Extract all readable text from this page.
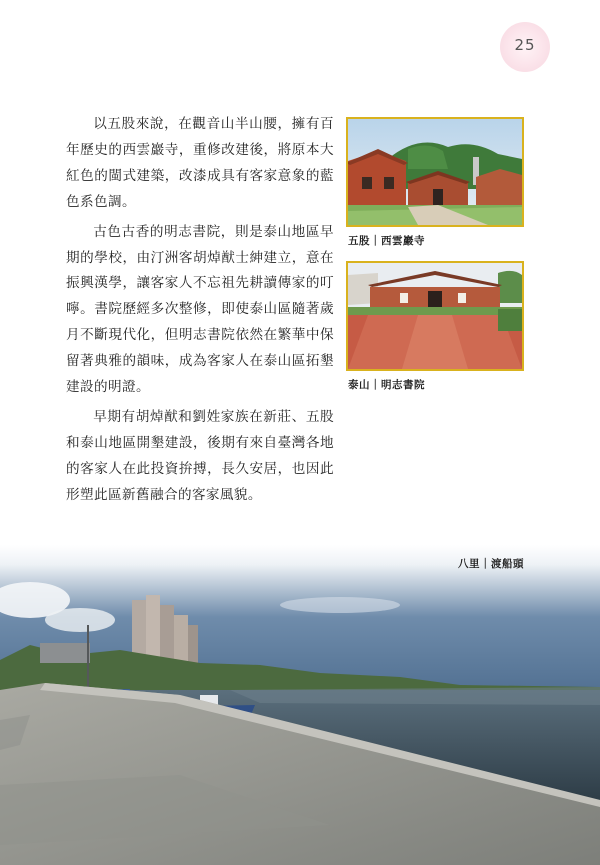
25

以五股來說，在觀音山半山腰，擁有百年歷史的西雲巖寺，重修改建後，將原本大紅色的閩式建築，改漆成具有客家意象的藍色系色調。

古色古香的明志書院，則是泰山地區早期的學校，由汀洲客胡焯猷士紳建立，意在振興漢學，讓客家人不忘祖先耕讀傳家的叮嚀。書院歷經多次整修，即使泰山區隨著歲月不斷現代化，但明志書院依然在繁華中保留著典雅的韻味，成為客家人在泰山區拓墾建設的明證。

早期有胡焯猷和劉姓家族在新莊、五股和泰山地區開墾建設，後期有來自臺灣各地的客家人在此投資拚搏，長久安居，也因此形塑此區新舊融合的客家風貌。

五股｜西雲巖寺
泰山｜明志書院
八里｜渡船頭
